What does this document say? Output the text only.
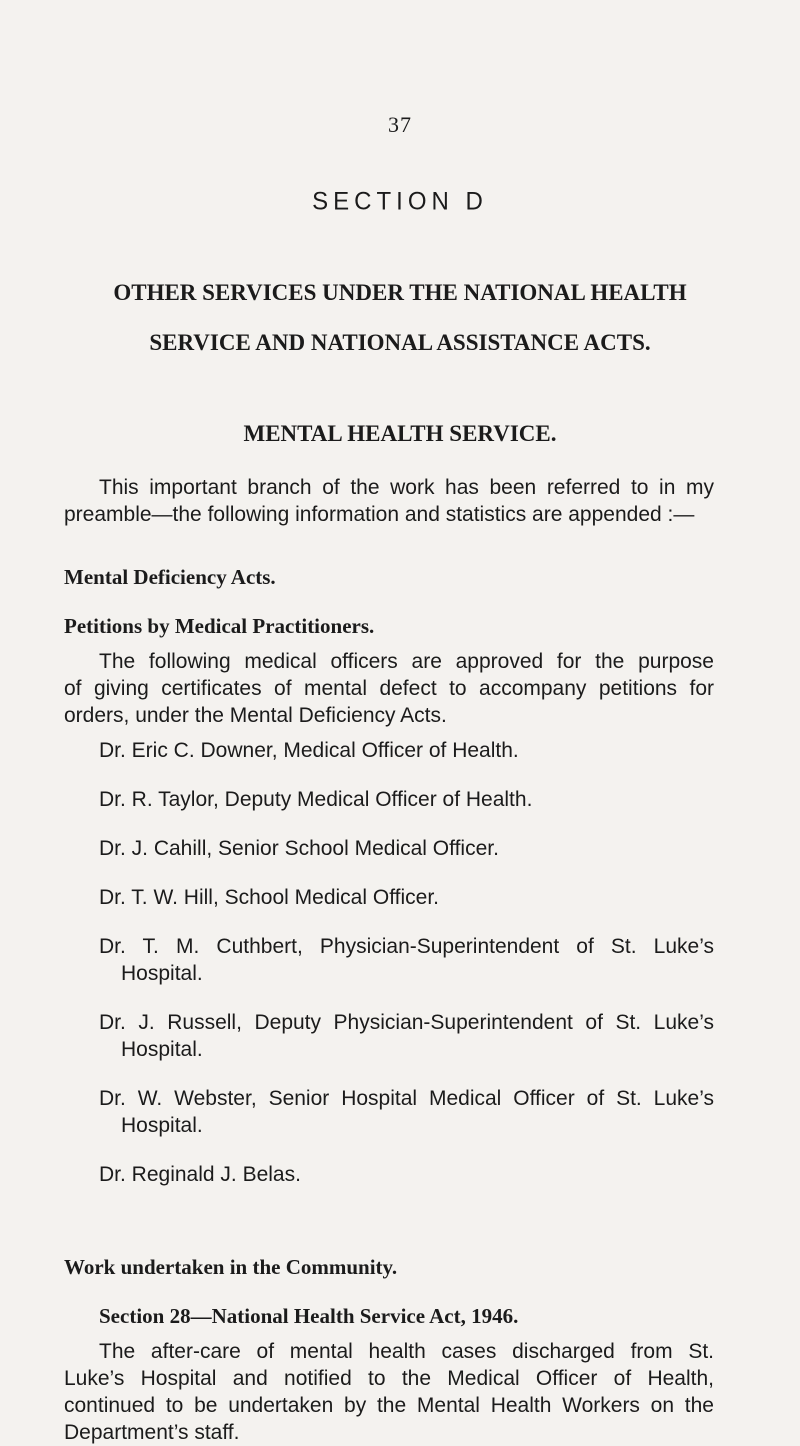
37
SECTION D
OTHER SERVICES UNDER THE NATIONAL HEALTH
SERVICE AND NATIONAL ASSISTANCE ACTS.
MENTAL HEALTH SERVICE.
This important branch of the work has been referred to in my
preamble—the following information and statistics are appended :—
Mental Deficiency Acts.
Petitions by Medical Practitioners.
The following medical officers are approved for the purpose
of giving certificates of mental defect to accompany petitions for
orders, under the Mental Deficiency Acts.
Dr. Eric C. Downer, Medical Officer of Health.
Dr. R. Taylor, Deputy Medical Officer of Health.
Dr. J. Cahill, Senior School Medical Officer.
Dr. T. W. Hill, School Medical Officer.
Dr. T. M. Cuthbert, Physician-Superintendent of St. Luke’s
Hospital.
Dr. J. Russell, Deputy Physician-Superintendent of St. Luke’s
Hospital.
Dr. W. Webster, Senior Hospital Medical Officer of St. Luke’s
Hospital.
Dr. Reginald J. Belas.
Work undertaken in the Community.
Section 28—National Health Service Act, 1946.
The after-care of mental health cases discharged from St.
Luke’s Hospital and notified to the Medical Officer of Health,
continued to be undertaken by the Mental Health Workers on the
Department’s staff.
